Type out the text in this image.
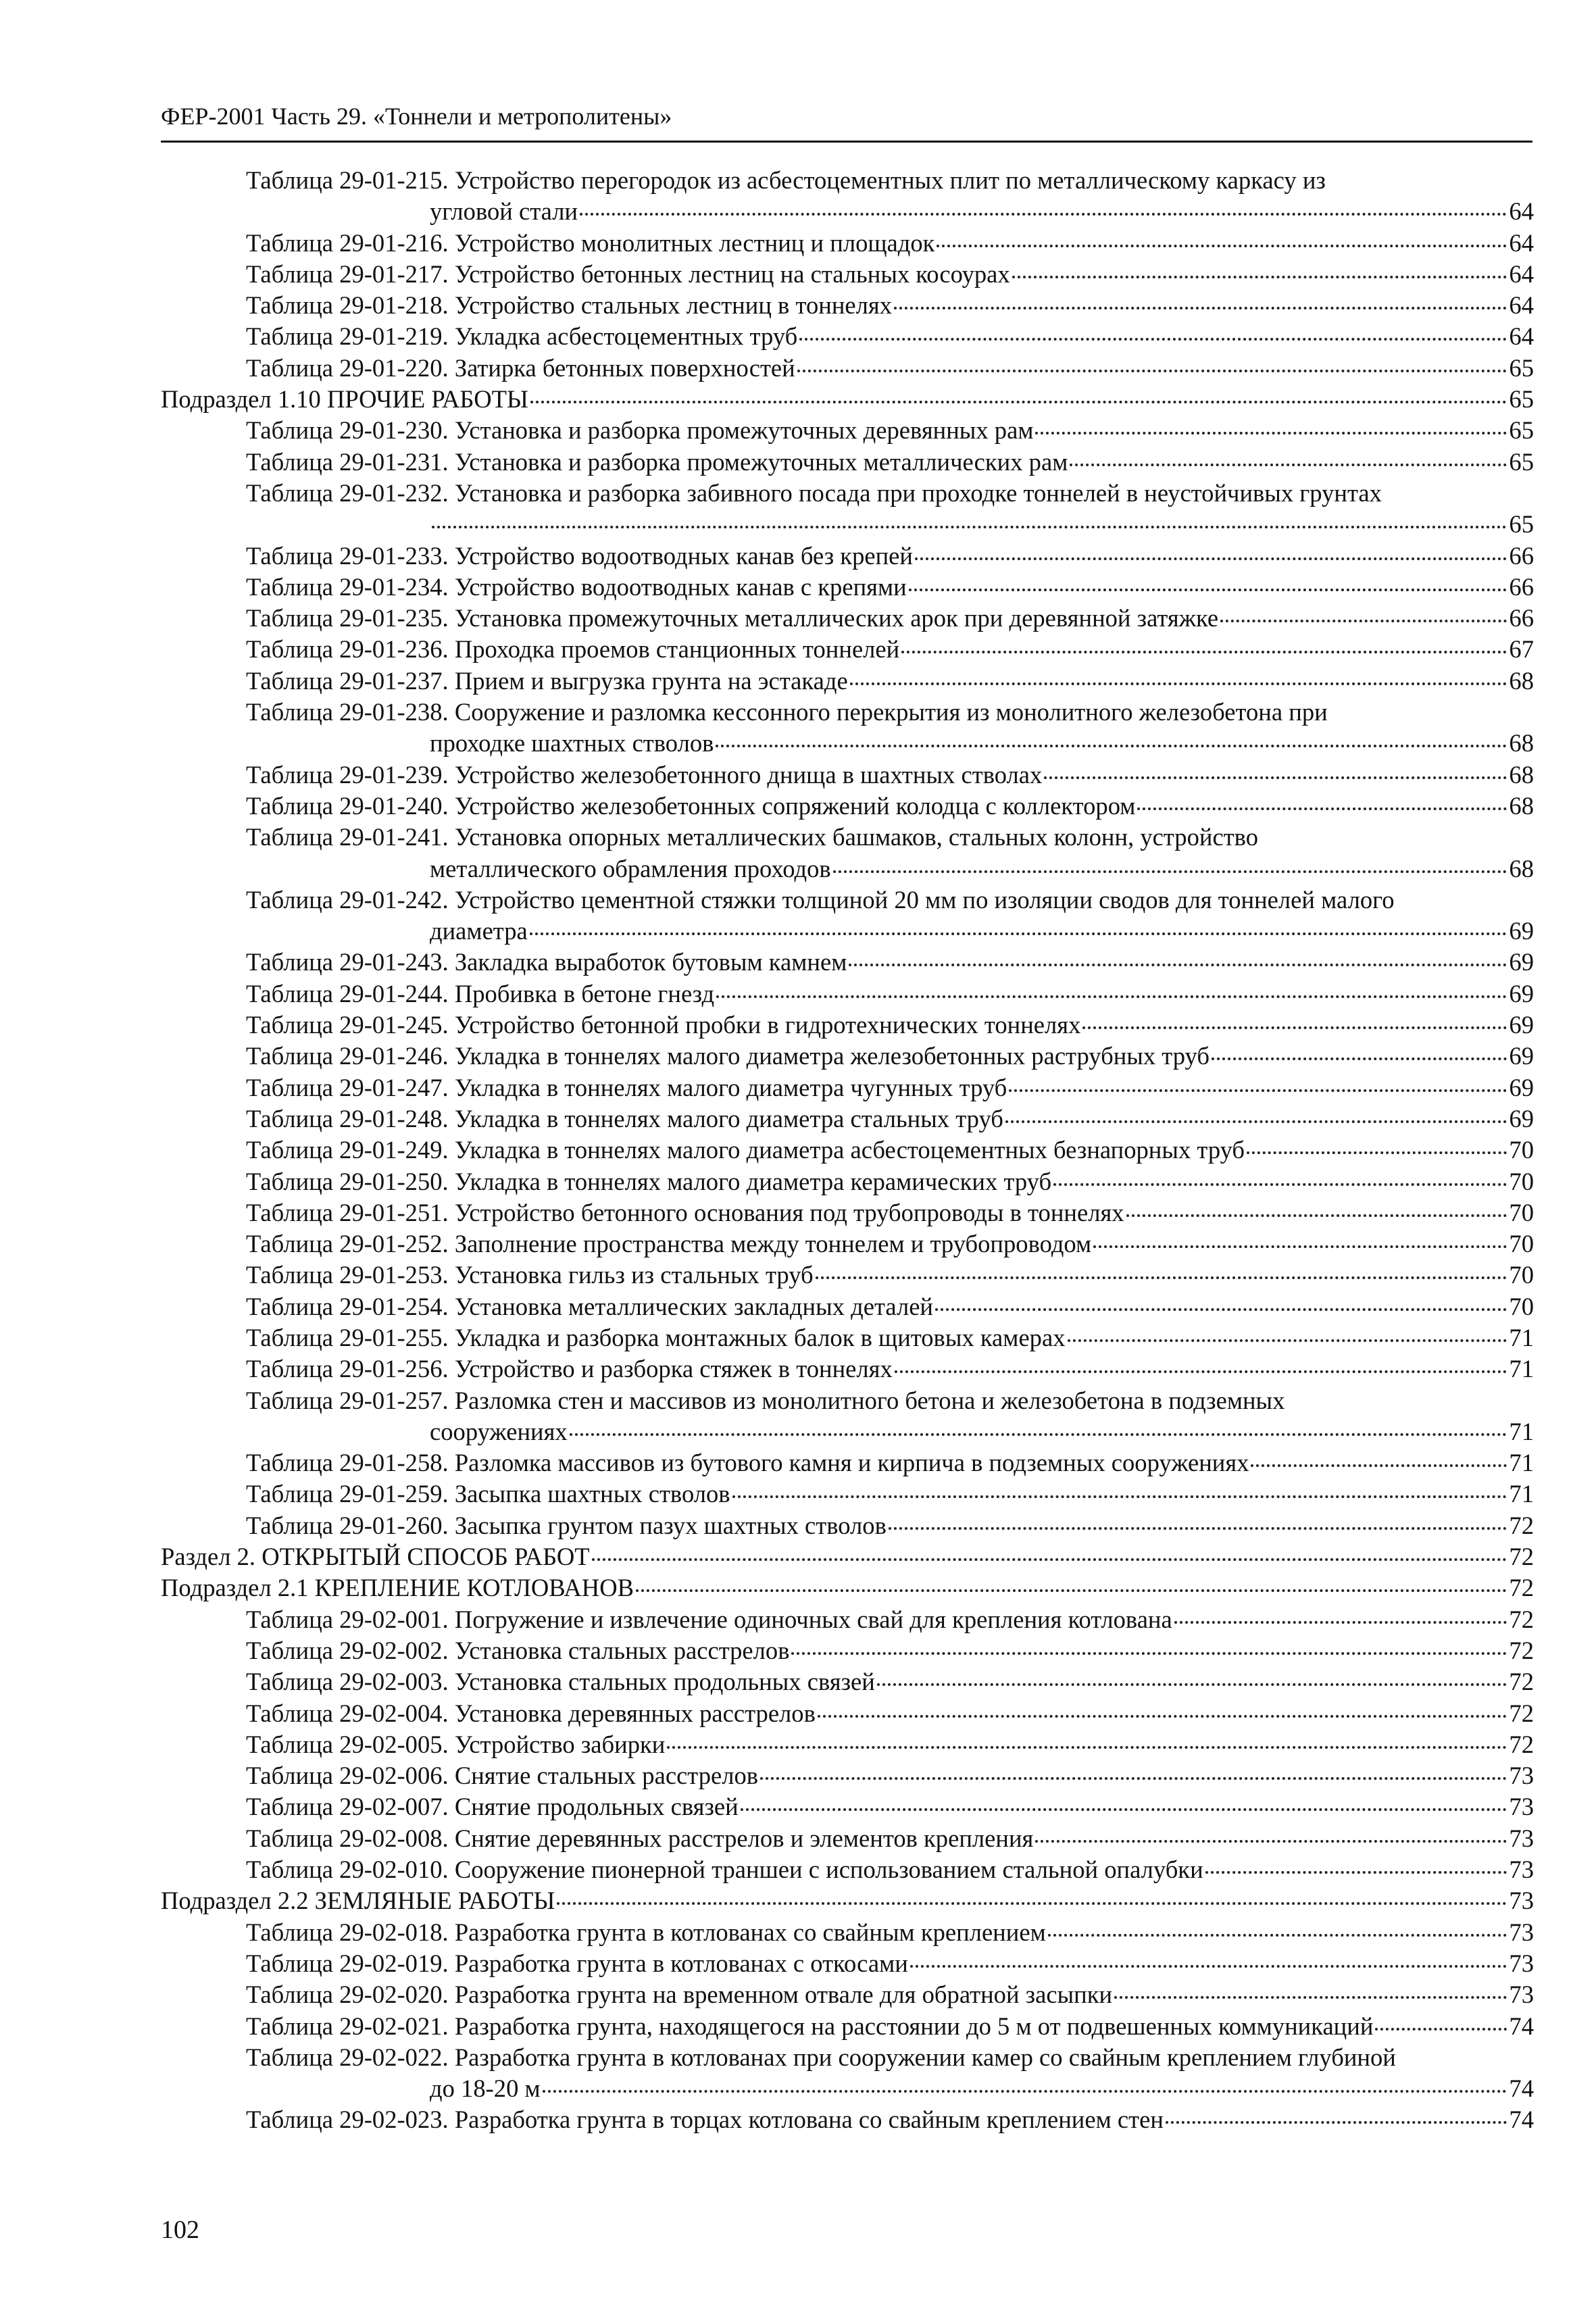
ФЕР-2001 Часть 29. «Тоннели и метрополитены»
Таблица 29-01-215. Устройство перегородок из асбестоцементных плит по металлическому каркасу из
угловой стали	64
Таблица 29-01-216. Устройство монолитных лестниц и площадок	64
Таблица 29-01-217. Устройство бетонных лестниц на стальных косоурах	64
Таблица 29-01-218. Устройство стальных лестниц в тоннелях	64
Таблица 29-01-219. Укладка асбестоцементных труб	64
Таблица 29-01-220. Затирка бетонных поверхностей	65
Подраздел 1.10 ПРОЧИЕ РАБОТЫ	65
Таблица 29-01-230. Установка и разборка промежуточных деревянных рам	65
Таблица 29-01-231. Установка и разборка промежуточных металлических рам	65
Таблица 29-01-232. Установка и разборка забивного посада при проходке тоннелей в неустойчивых грунтах
65
Таблица 29-01-233. Устройство водоотводных канав без крепей	66
Таблица 29-01-234. Устройство водоотводных канав с крепями	66
Таблица 29-01-235. Установка промежуточных металлических арок при деревянной затяжке	66
Таблица 29-01-236. Проходка проемов станционных тоннелей	67
Таблица 29-01-237. Прием и выгрузка грунта на эстакаде	68
Таблица 29-01-238. Сооружение и разломка кессонного перекрытия из монолитного железобетона при
проходке шахтных стволов	68
Таблица 29-01-239. Устройство железобетонного днища в шахтных стволах	68
Таблица 29-01-240. Устройство железобетонных сопряжений колодца с коллектором	68
Таблица 29-01-241. Установка опорных металлических башмаков, стальных колонн, устройство
металлического обрамления проходов	68
Таблица 29-01-242. Устройство цементной стяжки толщиной 20 мм по изоляции сводов для тоннелей малого
диаметра	69
Таблица 29-01-243. Закладка выработок бутовым камнем	69
Таблица 29-01-244. Пробивка в бетоне гнезд	69
Таблица 29-01-245. Устройство бетонной пробки в гидротехнических тоннелях	69
Таблица 29-01-246. Укладка в тоннелях малого диаметра железобетонных раструбных труб	69
Таблица 29-01-247. Укладка в тоннелях малого диаметра чугунных труб	69
Таблица 29-01-248. Укладка в тоннелях малого диаметра стальных труб	69
Таблица 29-01-249. Укладка в тоннелях малого диаметра асбестоцементных безнапорных труб	70
Таблица 29-01-250. Укладка в тоннелях малого диаметра керамических труб	70
Таблица 29-01-251. Устройство бетонного основания под трубопроводы в тоннелях	70
Таблица 29-01-252. Заполнение пространства между тоннелем и трубопроводом	70
Таблица 29-01-253. Установка гильз из стальных труб	70
Таблица 29-01-254. Установка металлических закладных деталей	70
Таблица 29-01-255. Укладка и разборка монтажных балок в щитовых камерах	71
Таблица 29-01-256. Устройство и разборка стяжек в тоннелях	71
Таблица 29-01-257. Разломка стен и массивов из монолитного бетона и железобетона в подземных
сооружениях	71
Таблица 29-01-258. Разломка массивов из бутового камня и кирпича в подземных сооружениях	71
Таблица 29-01-259. Засыпка шахтных стволов	71
Таблица 29-01-260. Засыпка грунтом пазух шахтных стволов	72
Раздел 2. ОТКРЫТЫЙ СПОСОБ РАБОТ	72
Подраздел 2.1 КРЕПЛЕНИЕ КОТЛОВАНОВ	72
Таблица 29-02-001. Погружение и извлечение одиночных свай для крепления котлована	72
Таблица 29-02-002. Установка стальных расстрелов	72
Таблица 29-02-003. Установка стальных продольных связей	72
Таблица 29-02-004. Установка деревянных расстрелов	72
Таблица 29-02-005. Устройство забирки	72
Таблица 29-02-006. Снятие стальных расстрелов	73
Таблица 29-02-007. Снятие продольных связей	73
Таблица 29-02-008. Снятие деревянных расстрелов и элементов крепления	73
Таблица 29-02-010. Сооружение пионерной траншеи с использованием стальной опалубки	73
Подраздел 2.2 ЗЕМЛЯНЫЕ РАБОТЫ	73
Таблица 29-02-018. Разработка грунта в котлованах со свайным креплением	73
Таблица 29-02-019. Разработка грунта в котлованах с откосами	73
Таблица 29-02-020. Разработка грунта на временном отвале для обратной засыпки	73
Таблица 29-02-021. Разработка грунта, находящегося на расстоянии до 5 м от подвешенных коммуникаций	74
Таблица 29-02-022. Разработка грунта в котлованах при сооружении камер со свайным креплением глубиной
до 18-20 м	74
Таблица 29-02-023. Разработка грунта в торцах котлована со свайным креплением стен	74
102
